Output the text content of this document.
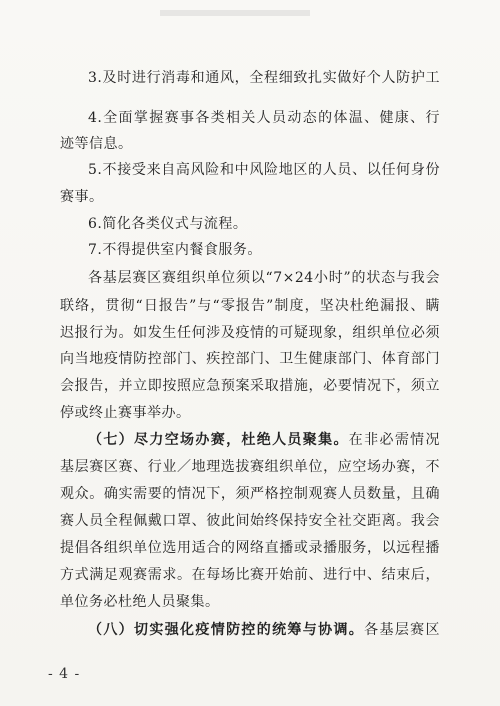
3.及时进行消毒和通风，全程细致扎实做好个人防护工
4.全面掌握赛事各类相关人员动态的体温、健康、行
迹等信息。
5.不接受来自高风险和中风险地区的人员、以任何身份
赛事。
6.简化各类仪式与流程。
7.不得提供室内餐食服务。
各基层赛区赛组织单位须以“7×24小时”的状态与我会
联络，贯彻“日报告”与“零报告”制度，坚决杜绝漏报、瞒
迟报行为。如发生任何涉及疫情的可疑现象，组织单位必须
向当地疫情防控部门、疾控部门、卫生健康部门、体育部门
会报告，并立即按照应急预案采取措施，必要情况下，须立
停或终止赛事举办。
（七）尽力空场办赛，杜绝人员聚集。在非必需情况
基层赛区赛、行业／地理选拔赛组织单位，应空场办赛，不
观众。确实需要的情况下，须严格控制观赛人员数量，且确
赛人员全程佩戴口罩、彼此间始终保持安全社交距离。我会
提倡各组织单位选用适合的网络直播或录播服务，以远程播
方式满足观赛需求。在每场比赛开始前、进行中、结束后，
单位务必杜绝人员聚集。
（八）切实强化疫情防控的统筹与协调。各基层赛区
- 4 -
